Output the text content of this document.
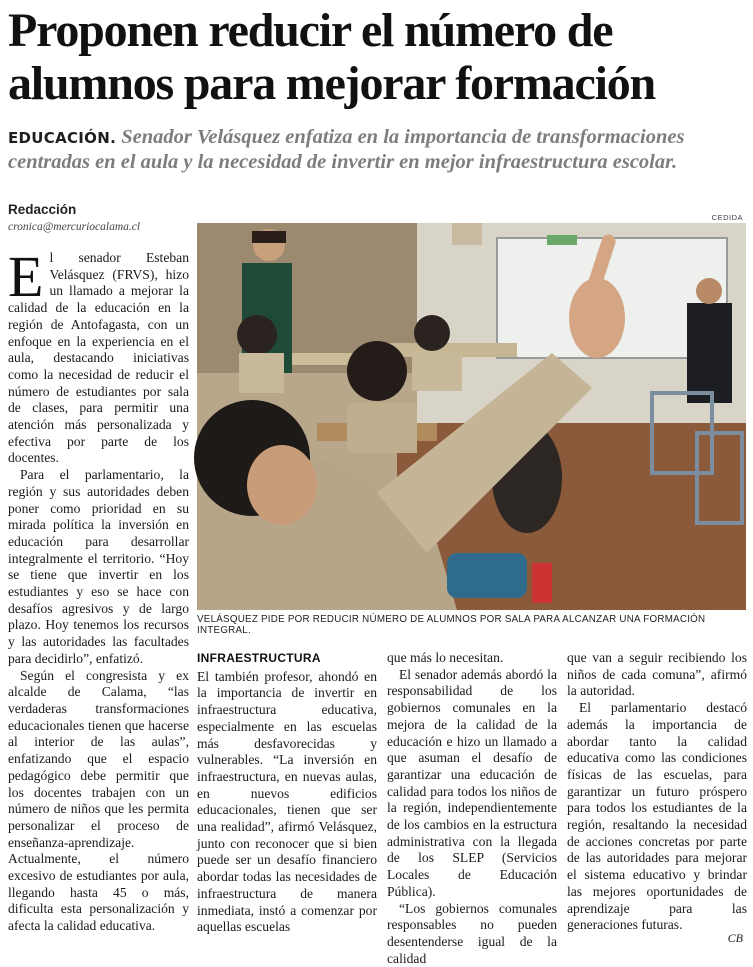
Proponen reducir el número de alumnos para mejorar formación
EDUCACIÓN. Senador Velásquez enfatiza en la importancia de transformaciones centradas en el aula y la necesidad de invertir en mejor infraestructura escolar.
Redacción
cronica@mercuriocalama.cl
CEDIDA
VELÁSQUEZ PIDE POR REDUCIR NÚMERO DE ALUMNOS POR SALA PARA ALCANZAR UNA FORMACIÓN INTEGRAL.

El senador Esteban Velásquez (FRVS), hizo un llamado a mejorar la calidad de la educación en la región de Antofagasta, con un enfoque en la experiencia en el aula, destacando iniciativas como la necesidad de reducir el número de estudiantes por sala de clases, para permitir una atención más personalizada y efectiva por parte de los docentes.

Para el parlamentario, la región y sus autoridades deben poner como prioridad en su mirada política la inversión en educación para desarrollar integralmente el territorio. “Hoy se tiene que invertir en los estudiantes y eso se hace con desafíos agresivos y de largo plazo. Hoy tenemos los recursos y las autoridades las facultades para decidirlo”, enfatizó.

Según el congresista y ex alcalde de Calama, “las verdaderas transformaciones educacionales tienen que hacerse al interior de las aulas”, enfatizando que el espacio pedagógico debe permitir que los docentes trabajen con un número de niños que les permita personalizar el proceso de enseñanza-aprendizaje. Actualmente, el número excesivo de estudiantes por aula, llegando hasta 45 o más, dificulta esta personalización y afecta la calidad educativa.

INFRAESTRUCTURA

El también profesor, ahondó en la importancia de invertir en infraestructura educativa, especialmente en las escuelas más desfavorecidas y vulnerables. “La inversión en infraestructura, en nuevas aulas, en nuevos edificios educacionales, tienen que ser una realidad”, afirmó Velásquez, junto con reconocer que si bien puede ser un desafío financiero abordar todas las necesidades de infraestructura de manera inmediata, instó a comenzar por aquellas escuelas

que más lo necesitan.

El senador además abordó la responsabilidad de los gobiernos comunales en la mejora de la calidad de la educación e hizo un llamado a que asuman el desafío de garantizar una educación de calidad para todos los niños de la región, independientemente de los cambios en la estructura administrativa con la llegada de los SLEP (Servicios Locales de Educación Pública).

“Los gobiernos comunales responsables no pueden desentenderse igual de la calidad

que van a seguir recibiendo los niños de cada comuna”, afirmó la autoridad.

El parlamentario destacó además la importancia de abordar tanto la calidad educativa como las condiciones físicas de las escuelas, para garantizar un futuro próspero para todos los estudiantes de la región, resaltando la necesidad de acciones concretas por parte de las autoridades para mejorar el sistema educativo y brindar las mejores oportunidades de aprendizaje para las generaciones futuras.

CB
